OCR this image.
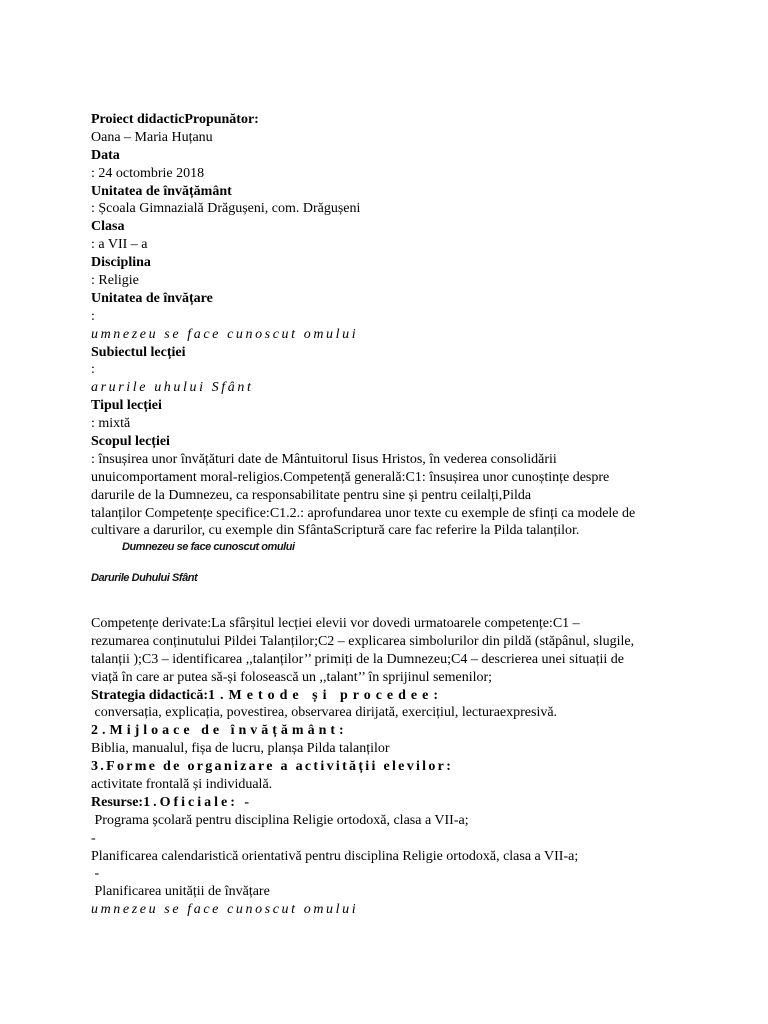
Proiect didacticPropunător:
Oana – Maria Huțanu
Data
: 24 octombrie 2018
Unitatea de învățământ
: Școala Gimnazială Drăgușeni, com. Drăgușeni
Clasa
: a VII – a
Disciplina
: Religie
Unitatea de învățare
:
umnezeu se face cunoscut omului
Subiectul lecției
:
arurile uhului Sfânt
Tipul lecției
: mixtă
Scopul lecției
: însușirea unor învățături date de Mântuitorul Iisus Hristos, în vederea consolidării
unuicomportament moral-religios.Competență generală:C1: însușirea unor cunoștințe despre
darurile de la Dumnezeu, ca responsabilitate pentru sine și pentru ceilalți,Pilda
talanților Competențe specifice:C1.2.: aprofundarea unor texte cu exemple de sfinți ca modele de
cultivare a darurilor, cu exemple din SfântaScriptură care fac referire la Pilda talanților.
Dumnezeu se face cunoscut omului
Darurile Duhului Sfânt
Competențe derivate:La sfârșitul lecției elevii vor dovedi urmatoarele competențe:C1 –
rezumarea conținutului Pildei Talanților;C2 – explicarea simbolurilor din pildă (stăpânul, slugile,
talanții );C3 – identificarea ,,talanților’’ primiți de la Dumnezeu;C4 – descrierea unei situații de
viață în care ar putea să-și folosească un ,,talant’’ în sprijinul semenilor;
Strategia didactică:1.Metode și procedee:
conversația, explicația, povestirea, observarea dirijată, exercițiul, lecturaexpresivă.
2.Mijloace de învățământ:
Biblia, manualul, fișa de lucru, planșa Pilda talanților
3.Forme de organizare a activității elevilor:
activitate frontală și individuală.
Resurse:1.Oficiale: -
Programa școlară pentru disciplina Religie ortodoxă, clasa a VII-a;
-
Planificarea calendaristică orientativă pentru disciplina Religie ortodoxă, clasa a VII-a;
-
Planificarea unității de învățare
umnezeu se face cunoscut omului
